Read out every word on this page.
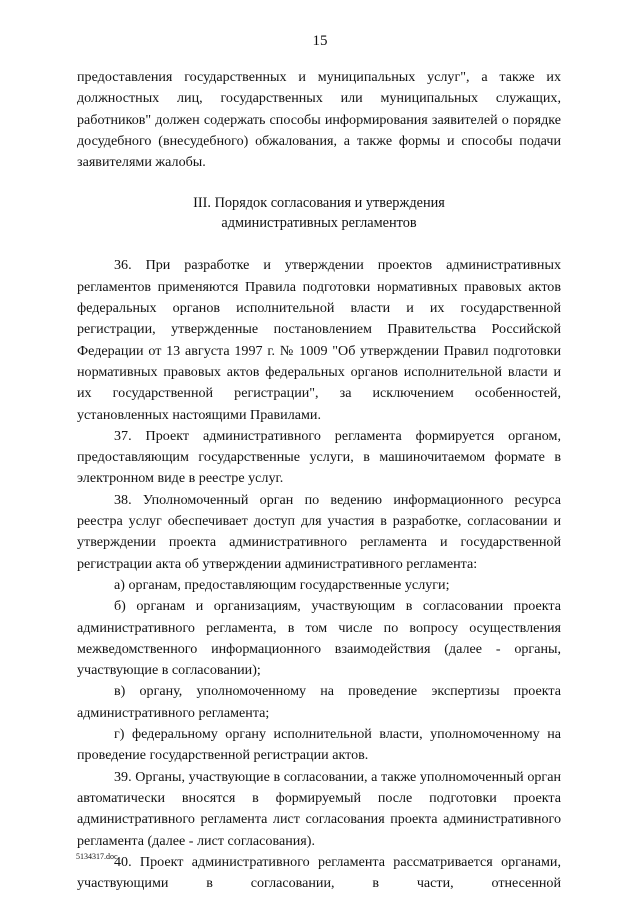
15

предоставления государственных и муниципальных услуг", а также их должностных лиц, государственных или муниципальных служащих, работников" должен содержать способы информирования заявителей о порядке досудебного (внесудебного) обжалования, а также формы и способы подачи заявителями жалобы.

III. Порядок согласования и утверждения
административных регламентов

36. При разработке и утверждении проектов административных регламентов применяются Правила подготовки нормативных правовых актов федеральных органов исполнительной власти и их государственной регистрации, утвержденные постановлением Правительства Российской Федерации от 13 августа 1997 г. № 1009 "Об утверждении Правил подготовки нормативных правовых актов федеральных органов исполнительной власти и их государственной регистрации", за исключением особенностей, установленных настоящими Правилами.

37. Проект административного регламента формируется органом, предоставляющим государственные услуги, в машиночитаемом формате в электронном виде в реестре услуг.

38. Уполномоченный орган по ведению информационного ресурса реестра услуг обеспечивает доступ для участия в разработке, согласовании и утверждении проекта административного регламента и государственной регистрации акта об утверждении административного регламента:

а) органам, предоставляющим государственные услуги;

б) органам и организациям, участвующим в согласовании проекта административного регламента, в том числе по вопросу осуществления межведомственного информационного взаимодействия (далее - органы, участвующие в согласовании);

в) органу, уполномоченному на проведение экспертизы проекта административного регламента;

г) федеральному органу исполнительной власти, уполномоченному на проведение государственной регистрации актов.

39. Органы, участвующие в согласовании, а также уполномоченный орган автоматически вносятся в формируемый после подготовки проекта административного регламента лист согласования проекта административного регламента (далее - лист согласования).

40. Проект административного регламента рассматривается органами, участвующими в согласовании, в части, отнесенной

5134317.doc
